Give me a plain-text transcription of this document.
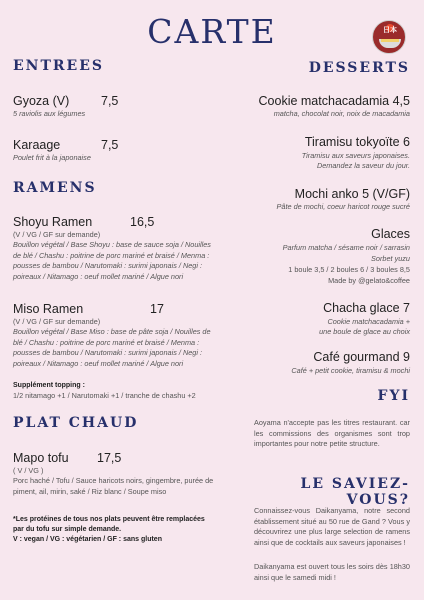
CARTE	日本
ENTREES
Gyoza (V)	7,5
5 raviolis aux légumes
Karaage	7,5
Poulet frit à la japonaise
RAMENS
Shoyu Ramen	16,5
(V / VG / GF sur demande)
Bouillon végétal / Base Shoyu : base de sauce soja / Nouilles de blé / Chashu : poitrine de porc mariné et braisé / Menma : pousses de bambou / Narutomaki : surimi japonais / Negi : poireaux / Nitamago : oeuf mollet mariné / Algue nori
Miso Ramen	17
(V / VG / GF sur demande)
Bouillon végétal / Base Miso : base de pâte soja / Nouilles de blé / Chashu : poitrine de porc mariné et braisé / Menma : pousses de bambou / Narutomaki : surimi japonais / Negi : poireaux / Nitamago : oeuf mollet mariné / Algue nori
Supplément topping :
1/2 nitamago +1 / Narutomaki +1 / tranche de chashu +2
PLAT CHAUD
Mapo tofu 17,5
( V / VG )
Porc haché / Tofu / Sauce haricots noirs, gingembre, purée de piment, ail, mirin, saké / Riz blanc / Soupe miso
*Les protéines de tous nos plats peuvent être remplacées par du tofu sur simple demande.
V : vegan / VG : végétarien / GF : sans gluten
DESSERTS
Cookie matchacadamia 4,5
matcha, chocolat noir, noix de macadamia
Tiramisu tokyoïte 6
Tiramisu aux saveurs japonaises.
Demandez la saveur du jour.
Mochi anko 5 (V/GF)
Pâte de mochi, coeur haricot rouge sucré
Glaces
Parfum matcha / sésame noir / sarrasin
Sorbet yuzu
1 boule 3,5 / 2 boules 6 / 3 boules 8,5
Made by @gelato&coffee
Chacha glace 7
Cookie matchacadamia +
une boule de glace au choix
Café gourmand 9
Café + petit cookie, tiramisu & mochi
FYI
Aoyama n'accepte pas les titres restaurant. car les commissions des organismes sont trop importantes pour notre petite structure.
LE SAVIEZ-VOUS?
Connaissez-vous Daikanyama, notre second établissement situé au 50 rue de Gand ? Vous y découvrirez une plus large selection de ramens ainsi que de cocktails aux saveurs japonaises !
Daikanyama est ouvert tous les soirs dès 18h30 ainsi que le samedi midi !
